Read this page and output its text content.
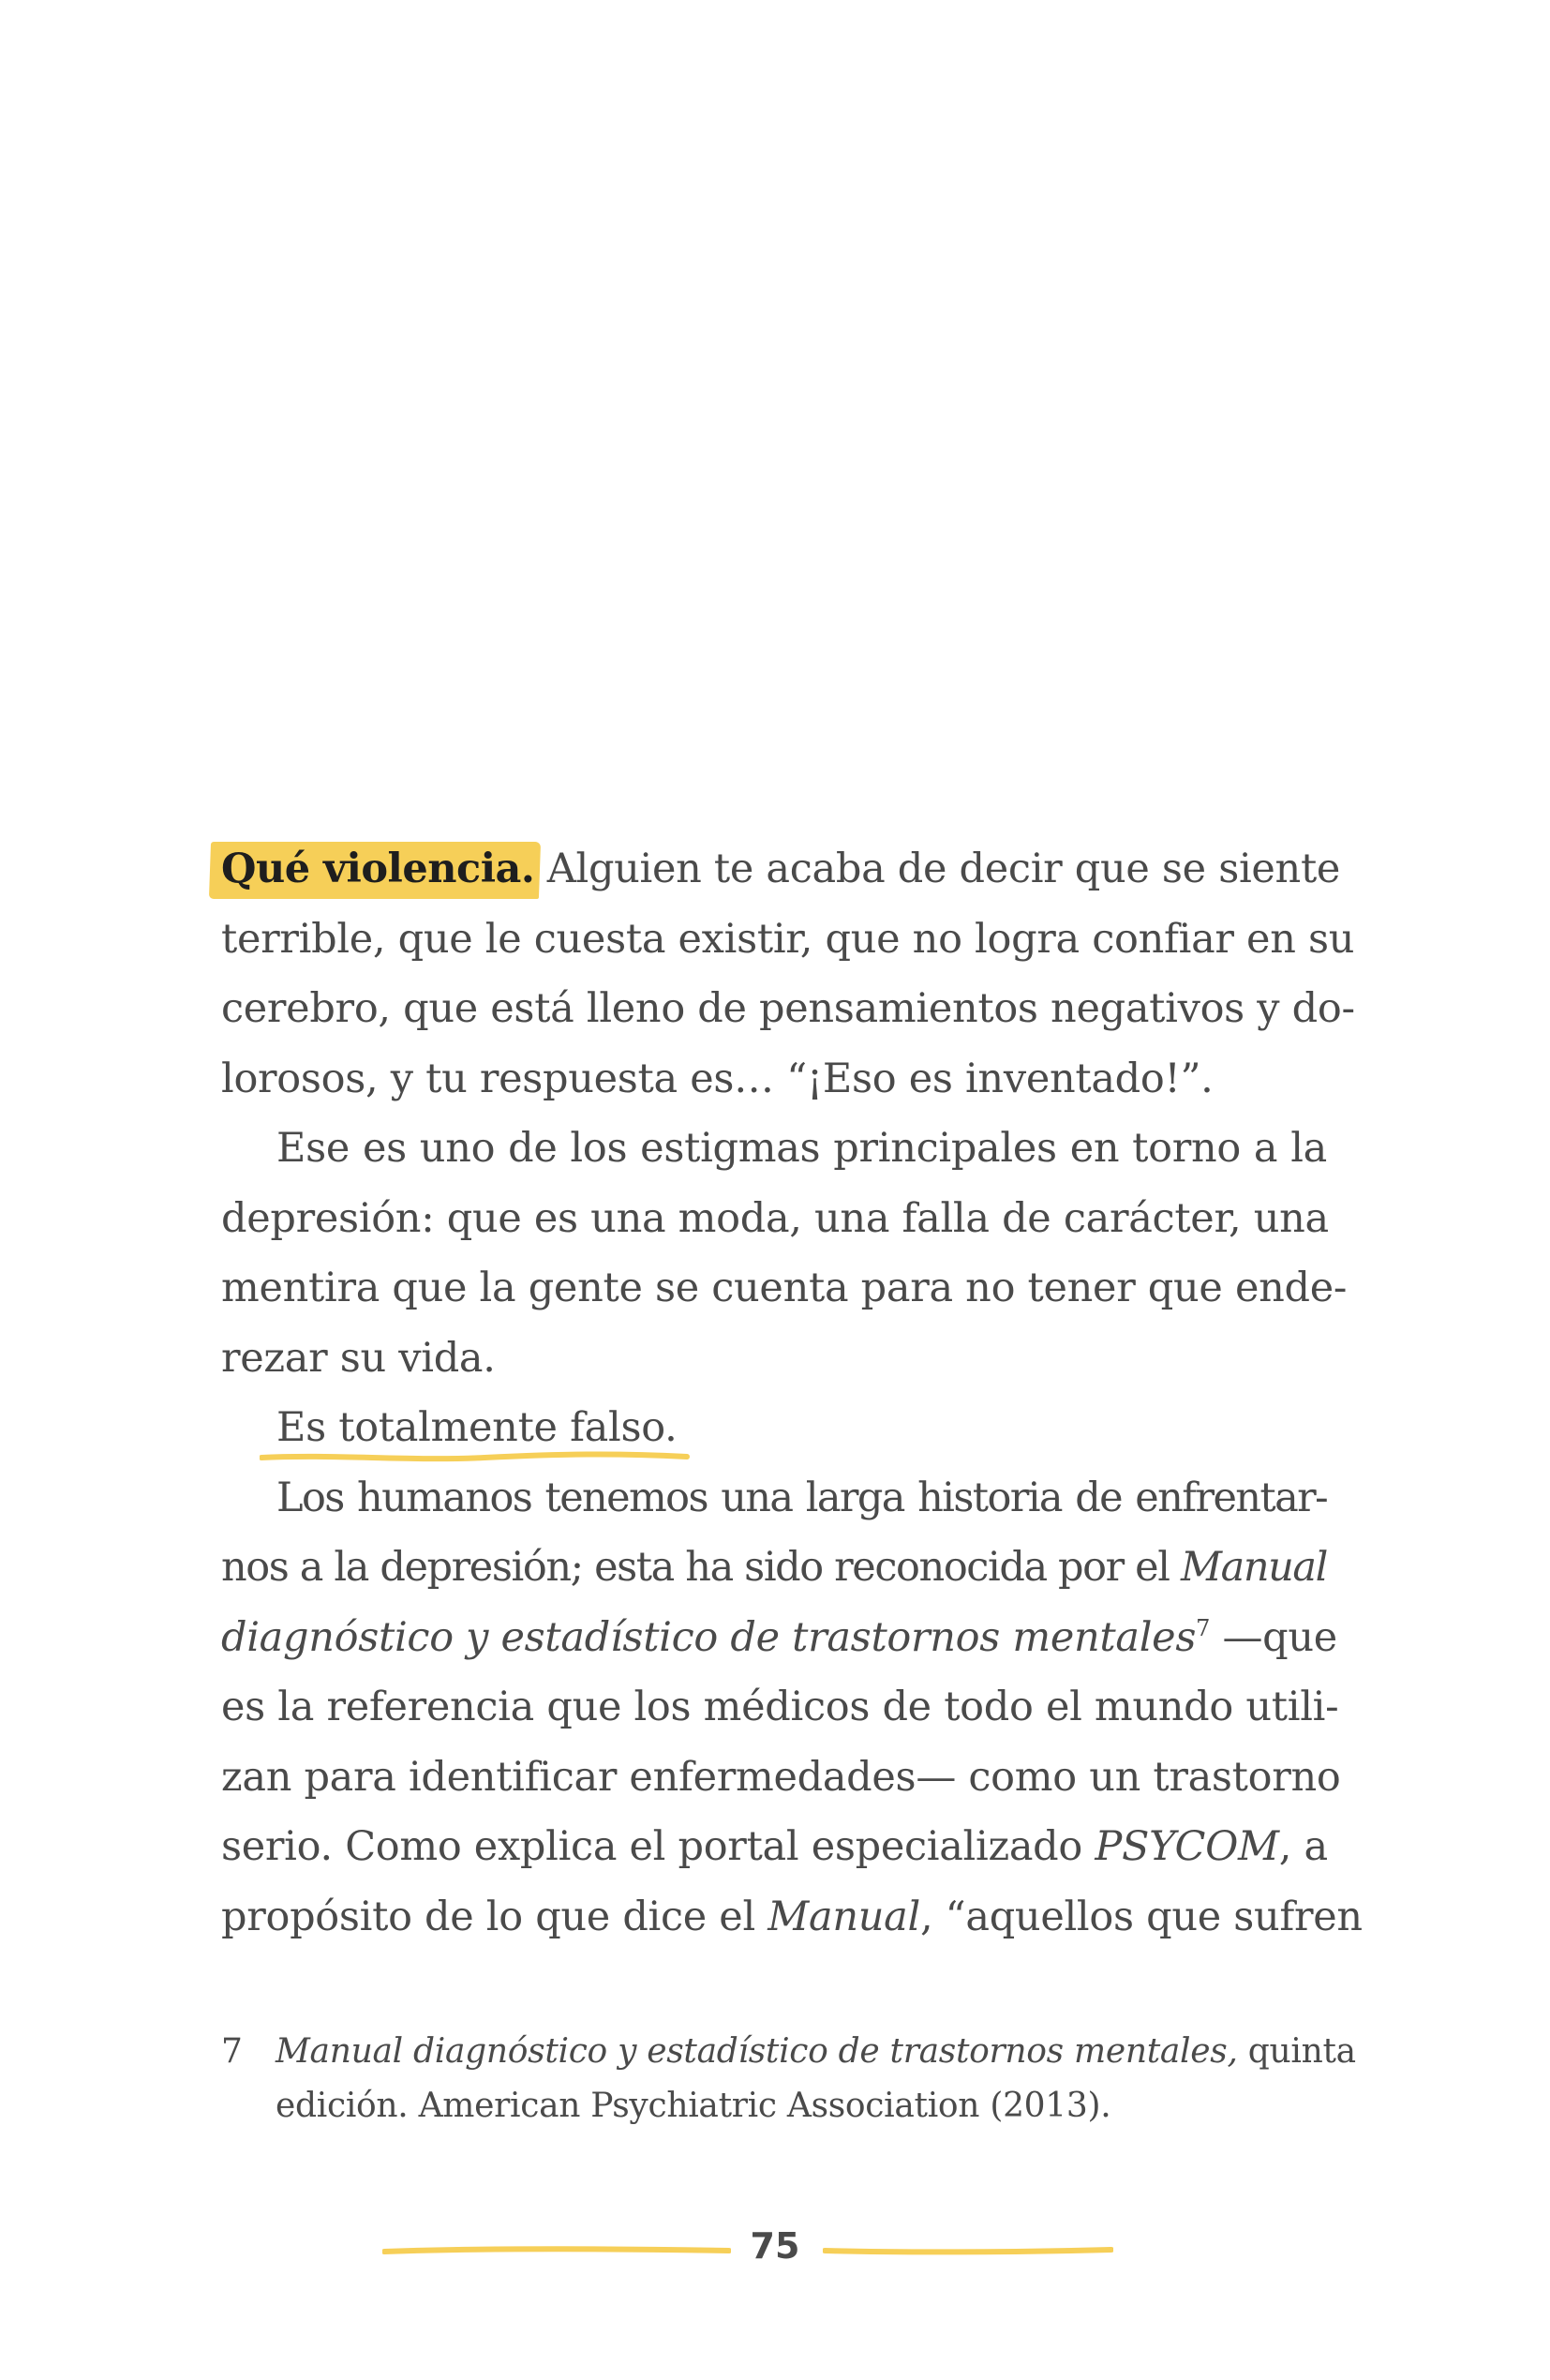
Qué violencia. Alguien te acaba de decir que se siente
terrible, que le cuesta existir, que no logra confiar en su
cerebro, que está lleno de pensamientos negativos y do-
lorosos, y tu respuesta es… “¡Eso es inventado!”.
Ese es uno de los estigmas principales en torno a la
depresión: que es una moda, una falla de carácter, una
mentira que la gente se cuenta para no tener que ende-
rezar su vida.
Es totalmente falso.
Los humanos tenemos una larga historia de enfrentar-
nos a la depresión; esta ha sido reconocida por el Manual
diagnóstico y estadístico de trastornos mentales$^7$ —que
es la referencia que los médicos de todo el mundo utili-
zan para identificar enfermedades— como un trastorno
serio. Como explica el portal especializado PSYCOM, a
propósito de lo que dice el Manual, “aquellos que sufren
7 Manual diagnóstico y estadístico de trastornos mentales, quinta
edición. American Psychiatric Association (2013).
75
